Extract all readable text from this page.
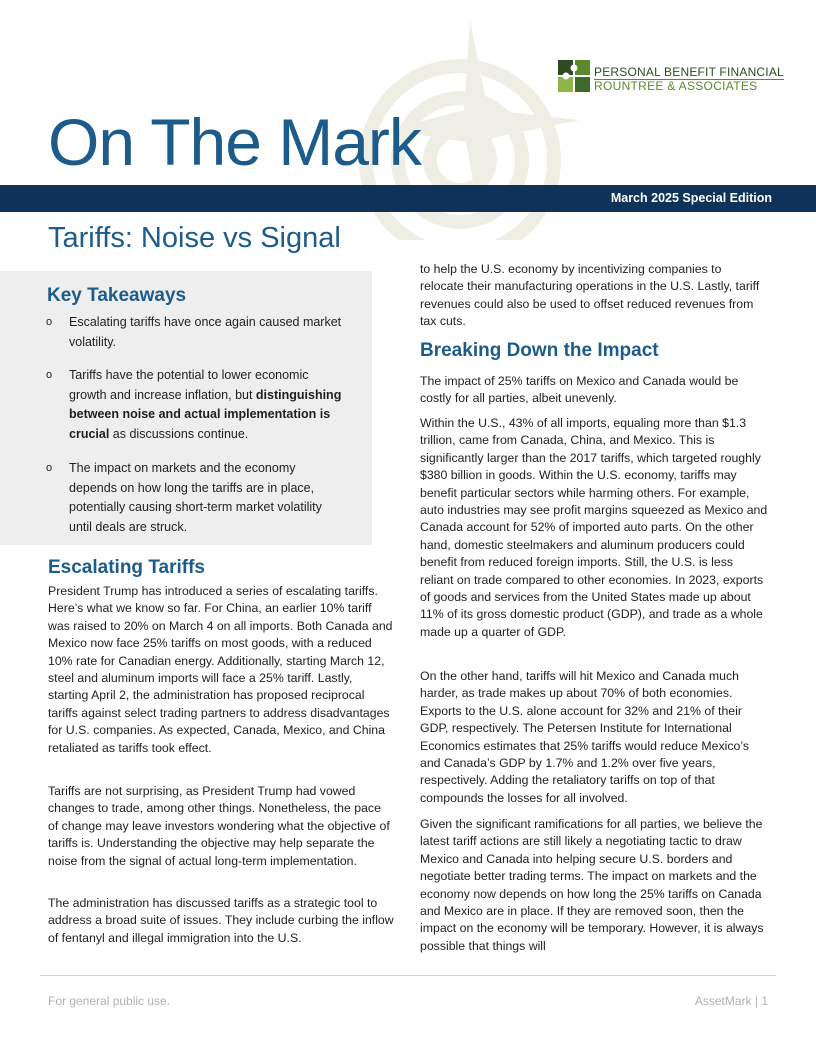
PERSONAL BENEFIT FINANCIAL
ROUNTREE & ASSOCIATES
On The Mark
March 2025 Special Edition
Tariffs: Noise vs Signal
Key Takeaways
o Escalating tariffs have once again caused market volatility.
o Tariffs have the potential to lower economic growth and increase inflation, but distinguishing between noise and actual implementation is crucial as discussions continue.
o The impact on markets and the economy depends on how long the tariffs are in place, potentially causing short-term market volatility until deals are struck.
Escalating Tariffs

President Trump has introduced a series of escalating tariffs. Here’s what we know so far. For China, an earlier 10% tariff was raised to 20% on March 4 on all imports. Both Canada and Mexico now face 25% tariffs on most goods, with a reduced 10% rate for Canadian energy. Additionally, starting March 12, steel and aluminum imports will face a 25% tariff. Lastly, starting April 2, the administration has proposed reciprocal tariffs against select trading partners to address disadvantages for U.S. companies. As expected, Canada, Mexico, and China retaliated as tariffs took effect.

Tariffs are not surprising, as President Trump had vowed changes to trade, among other things. Nonetheless, the pace of change may leave investors wondering what the objective of tariffs is. Understanding the objective may help separate the noise from the signal of actual long-term implementation.

The administration has discussed tariffs as a strategic tool to address a broad suite of issues. They include curbing the inflow of fentanyl and illegal immigration into the U.S.

to help the U.S. economy by incentivizing companies to relocate their manufacturing operations in the U.S. Lastly, tariff revenues could also be used to offset reduced revenues from tax cuts.

Breaking Down the Impact

The impact of 25% tariffs on Mexico and Canada would be costly for all parties, albeit unevenly.

Within the U.S., 43% of all imports, equaling more than $1.3 trillion, came from Canada, China, and Mexico. This is significantly larger than the 2017 tariffs, which targeted roughly $380 billion in goods. Within the U.S. economy, tariffs may benefit particular sectors while harming others. For example, auto industries may see profit margins squeezed as Mexico and Canada account for 52% of imported auto parts. On the other hand, domestic steelmakers and aluminum producers could benefit from reduced foreign imports. Still, the U.S. is less reliant on trade compared to other economies. In 2023, exports of goods and services from the United States made up about 11% of its gross domestic product (GDP), and trade as a whole made up a quarter of GDP.

On the other hand, tariffs will hit Mexico and Canada much harder, as trade makes up about 70% of both economies. Exports to the U.S. alone account for 32% and 21% of their GDP, respectively. The Petersen Institute for International Economics estimates that 25% tariffs would reduce Mexico’s and Canada’s GDP by 1.7% and 1.2% over five years, respectively. Adding the retaliatory tariffs on top of that compounds the losses for all involved.

Given the significant ramifications for all parties, we believe the latest tariff actions are still likely a negotiating tactic to draw Mexico and Canada into helping secure U.S. borders and negotiate better trading terms. The impact on markets and the economy now depends on how long the 25% tariffs on Canada and Mexico are in place. If they are removed soon, then the impact on the economy will be temporary. However, it is always possible that things will

For general public use.	AssetMark | 1
